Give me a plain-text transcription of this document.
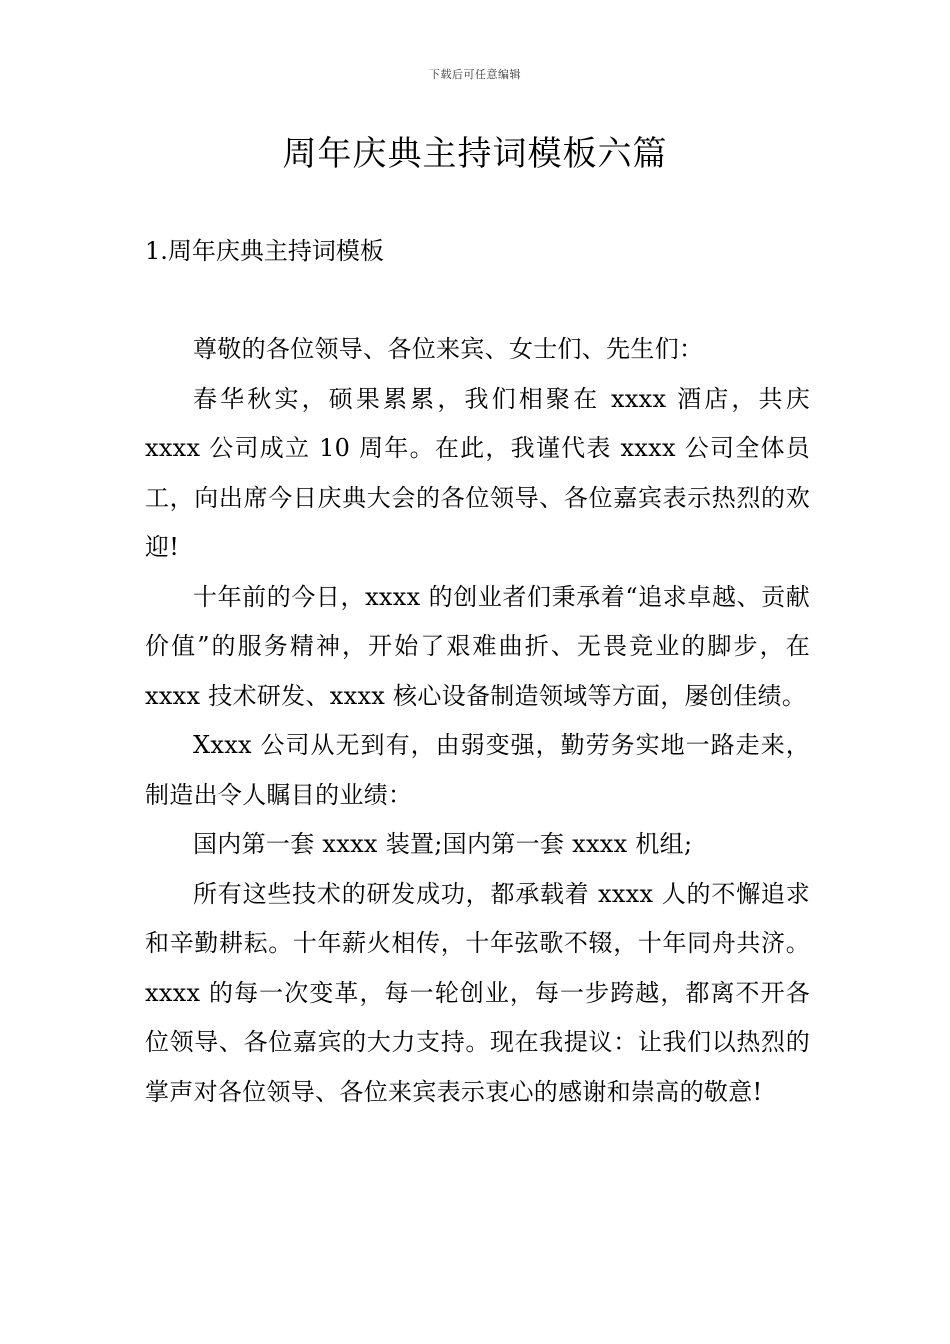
下载后可任意编辑
周年庆典主持词模板六篇
1.周年庆典主持词模板

尊敬的各位领导、各位来宾、女士们、先生们：

春华秋实，硕果累累，我们相聚在 xxxx 酒店，共庆 xxxx 公司成立 10 周年。在此，我谨代表 xxxx 公司全体员工，向出席今日庆典大会的各位领导、各位嘉宾表示热烈的欢迎!

十年前的今日，xxxx 的创业者们秉承着“追求卓越、贡献价值”的服务精神，开始了艰难曲折、无畏竞业的脚步，在 xxxx 技术研发、xxxx 核心设备制造领域等方面，屡创佳绩。

Xxxx 公司从无到有，由弱变强，勤劳务实地一路走来，制造出令人瞩目的业绩：

国内第一套 xxxx 装置;国内第一套 xxxx 机组;

所有这些技术的研发成功，都承载着 xxxx 人的不懈追求和辛勤耕耘。十年薪火相传，十年弦歌不辍，十年同舟共济。xxxx 的每一次变革，每一轮创业，每一步跨越，都离不开各位领导、各位嘉宾的大力支持。现在我提议：让我们以热烈的掌声对各位领导、各位来宾表示衷心的感谢和崇高的敬意!
